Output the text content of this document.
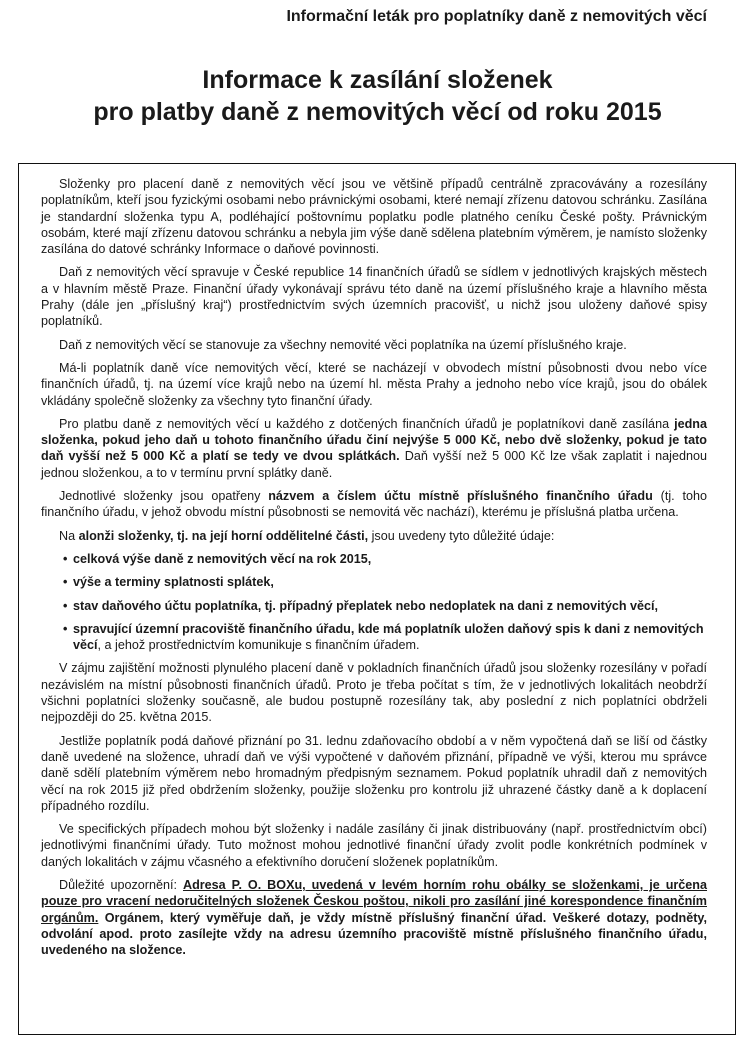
Informační leták pro poplatníky daně z nemovitých věcí
Informace k zasílání složenek
pro platby daně z nemovitých věcí od roku 2015

Složenky pro placení daně z nemovitých věcí jsou ve většině případů centrálně zpracovávány a rozesílány poplatníkům, kteří jsou fyzickými osobami nebo právnickými osobami, které nemají zřízenu datovou schránku. Zasílána je standardní složenka typu A, podléhající poštovnímu poplatku podle platného ceníku České pošty. Právnickým osobám, které mají zřízenu datovou schránku a nebyla jim výše daně sdělena platebním výměrem, je namísto složenky zasílána do datové schránky Informace o daňové povinnosti.

Daň z nemovitých věcí spravuje v České republice 14 finančních úřadů se sídlem v jednotlivých krajských městech a v hlavním městě Praze. Finanční úřady vykonávají správu této daně na území příslušného kraje a hlavního města Prahy (dále jen „příslušný kraj“) prostřednictvím svých územních pracovišť, u nichž jsou uloženy daňové spisy poplatníků.

Daň z nemovitých věcí se stanovuje za všechny nemovité věci poplatníka na území příslušného kraje.

Má-li poplatník daně více nemovitých věcí, které se nacházejí v obvodech místní působnosti dvou nebo více finančních úřadů, tj. na území více krajů nebo na území hl. města Prahy a jednoho nebo více krajů, jsou do obálek vkládány společně složenky za všechny tyto finanční úřady.

Pro platbu daně z nemovitých věcí u každého z dotčených finančních úřadů je poplatníkovi daně zasílána jedna složenka, pokud jeho daň u tohoto finančního úřadu činí nejvýše 5 000 Kč, nebo dvě složenky, pokud je tato daň vyšší než 5 000 Kč a platí se tedy ve dvou splátkách. Daň vyšší než 5 000 Kč lze však zaplatit i najednou jednou složenkou, a to v termínu první splátky daně.

Jednotlivé složenky jsou opatřeny názvem a číslem účtu místně příslušného finančního úřadu (tj. toho finančního úřadu, v jehož obvodu místní působnosti se nemovitá věc nachází), kterému je příslušná platba určena.

Na alonži složenky, tj. na její horní oddělitelné části, jsou uvedeny tyto důležité údaje:

• celková výše daně z nemovitých věcí na rok 2015,
• výše a terminy splatnosti splátek,
• stav daňového účtu poplatníka, tj. případný přeplatek nebo nedoplatek na dani z nemovitých věcí,
• spravující územní pracoviště finančního úřadu, kde má poplatník uložen daňový spis k dani z nemovitých věcí, a jehož prostřednictvím komunikuje s finančním úřadem.

V zájmu zajištění možnosti plynulého placení daně v pokladních finančních úřadů jsou složenky rozesílány v pořadí nezávislém na místní působnosti finančních úřadů. Proto je třeba počítat s tím, že v jednotlivých lokalitách neobdrží všichni poplatníci složenky současně, ale budou postupně rozesílány tak, aby poslední z nich poplatníci obdrželi nejpozději do 25. května 2015.

Jestliže poplatník podá daňové přiznání po 31. lednu zdaňovacího období a v něm vypočtená daň se liší od částky daně uvedené na složence, uhradí daň ve výši vypočtené v daňovém přiznání, případně ve výši, kterou mu správce daně sdělí platebním výměrem nebo hromadným předpisným seznamem. Pokud poplatník uhradil daň z nemovitých věcí na rok 2015 již před obdržením složenky, použije složenku pro kontrolu již uhrazené částky daně a k doplacení případného rozdílu.

Ve specifických případech mohou být složenky i nadále zasílány či jinak distribuovány (např. prostřednictvím obcí) jednotlivými finančními úřady. Tuto možnost mohou jednotlivé finanční úřady zvolit podle konkrétních podmínek v daných lokalitách v zájmu včasného a efektivního doručení složenek poplatníkům.

Důležité upozornění: Adresa P. O. BOXu, uvedená v levém horním rohu obálky se složenkami, je určena pouze pro vracení nedoručitelných složenek Českou poštou, nikoli pro zasílání jiné korespondence finančním orgánům. Orgánem, který vyměřuje daň, je vždy místně příslušný finanční úřad. Veškeré dotazy, podněty, odvolání apod. proto zasílejte vždy na adresu územního pracoviště místně příslušného finančního úřadu, uvedeného na složence.
